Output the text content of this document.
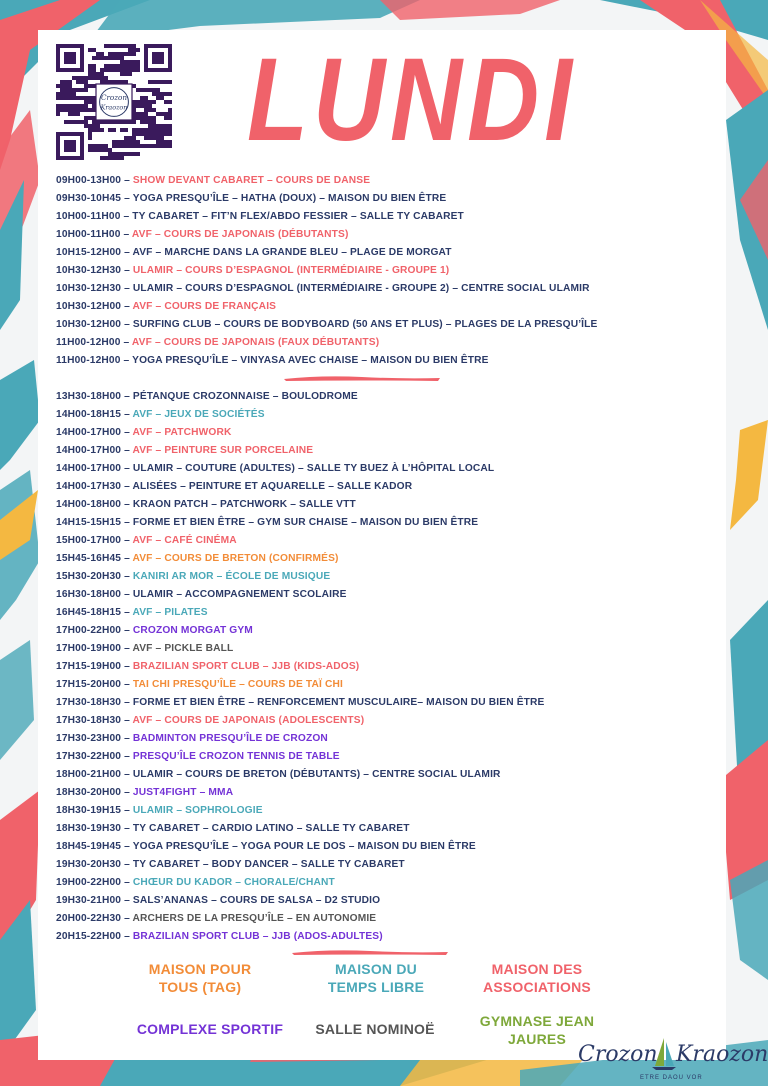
Crozon
Kraozon LUNDI
09H00-13H00 – SHOW DEVANT CABARET – COURS DE DANSE
09H30-10H45 – YOGA PRESQU’ÎLE – HATHA (DOUX) – MAISON DU BIEN ÊTRE
10H00-11H00 – TY CABARET – FIT’N FLEX/ABDO FESSIER – SALLE TY CABARET
10H00-11H00 – AVF – COURS DE JAPONAIS (DÉBUTANTS)
10H15-12H00 – AVF – MARCHE DANS LA GRANDE BLEU – PLAGE DE MORGAT
10H30-12H30 – ULAMIR – COURS D’ESPAGNOL (INTERMÉDIAIRE - GROUPE 1)
10H30-12H30 – ULAMIR – COURS D’ESPAGNOL (INTERMÉDIAIRE - GROUPE 2) – CENTRE SOCIAL ULAMIR
10H30-12H00 – AVF – COURS DE FRANÇAIS
10H30-12H00 – SURFING CLUB – COURS DE BODYBOARD (50 ANS ET PLUS) – PLAGES DE LA PRESQU’ÎLE
11H00-12H00 – AVF – COURS DE JAPONAIS (FAUX DÉBUTANTS)
11H00-12H00 – YOGA PRESQU’ÎLE – VINYASA AVEC CHAISE – MAISON DU BIEN ÊTRE
13H30-18H00 – PÉTANQUE CROZONNAISE – BOULODROME
14H00-18H15 – AVF – JEUX DE SOCIÉTÉS
14H00-17H00 – AVF – PATCHWORK
14H00-17H00 – AVF – PEINTURE SUR PORCELAINE
14H00-17H00 – ULAMIR – COUTURE (ADULTES) – SALLE TY BUEZ À L’HÔPITAL LOCAL
14H00-17H30 – ALISÉES – PEINTURE ET AQUARELLE – SALLE KADOR
14H00-18H00 – KRAON PATCH – PATCHWORK – SALLE VTT
14H15-15H15 – FORME ET BIEN ÊTRE – GYM SUR CHAISE – MAISON DU BIEN ÊTRE
15H00-17H00 – AVF – CAFÉ CINÉMA
15H45-16H45 – AVF – COURS DE BRETON (CONFIRMÉS)
15H30-20H30 – KANIRI AR MOR – ÉCOLE DE MUSIQUE
16H30-18H00 – ULAMIR – ACCOMPAGNEMENT SCOLAIRE
16H45-18H15 – AVF – PILATES
17H00-22H00 – CROZON MORGAT GYM
17H00-19H00 – AVF – PICKLE BALL
17H15-19H00 – BRAZILIAN SPORT CLUB – JJB (KIDS-ADOS)
17H15-20H00 – TAI CHI PRESQU’ÎLE – COURS DE TAÏ CHI
17H30-18H30 – FORME ET BIEN ÊTRE – RENFORCEMENT MUSCULAIRE– MAISON DU BIEN ÊTRE
17H30-18H30 – AVF – COURS DE JAPONAIS (ADOLESCENTS)
17H30-23H00 – BADMINTON PRESQU’ÎLE DE CROZON
17H30-22H00 – PRESQU’ÎLE CROZON TENNIS DE TABLE
18H00-21H00 – ULAMIR – COURS DE BRETON (DÉBUTANTS) – CENTRE SOCIAL ULAMIR
18H30-20H00 – JUST4FIGHT – MMA
18H30-19H15 – ULAMIR – SOPHROLOGIE
18H30-19H30 – TY CABARET – CARDIO LATINO – SALLE TY CABARET
18H45-19H45 – YOGA PRESQU’ÎLE – YOGA POUR LE DOS – MAISON DU BIEN ÊTRE
19H30-20H30 – TY CABARET – BODY DANCER – SALLE TY CABARET
19H00-22H00 – CHŒUR DU KADOR – CHORALE/CHANT
19H30-21H00 – SALS’ANANAS – COURS DE SALSA – D2 STUDIO
20H00-22H30 – ARCHERS DE LA PRESQU’ÎLE – EN AUTONOMIE
20H15-22H00 – BRAZILIAN SPORT CLUB – JJB (ADOS-ADULTES)
MAISON POUR
TOUS (TAG)
MAISON DU
TEMPS LIBRE
MAISON DES
ASSOCIATIONS
COMPLEXE SPORTIF	SALLE NOMINOË	GYMNASE JEAN
JAURES
Crozon Kraozon
ETRE DAOU VOR
